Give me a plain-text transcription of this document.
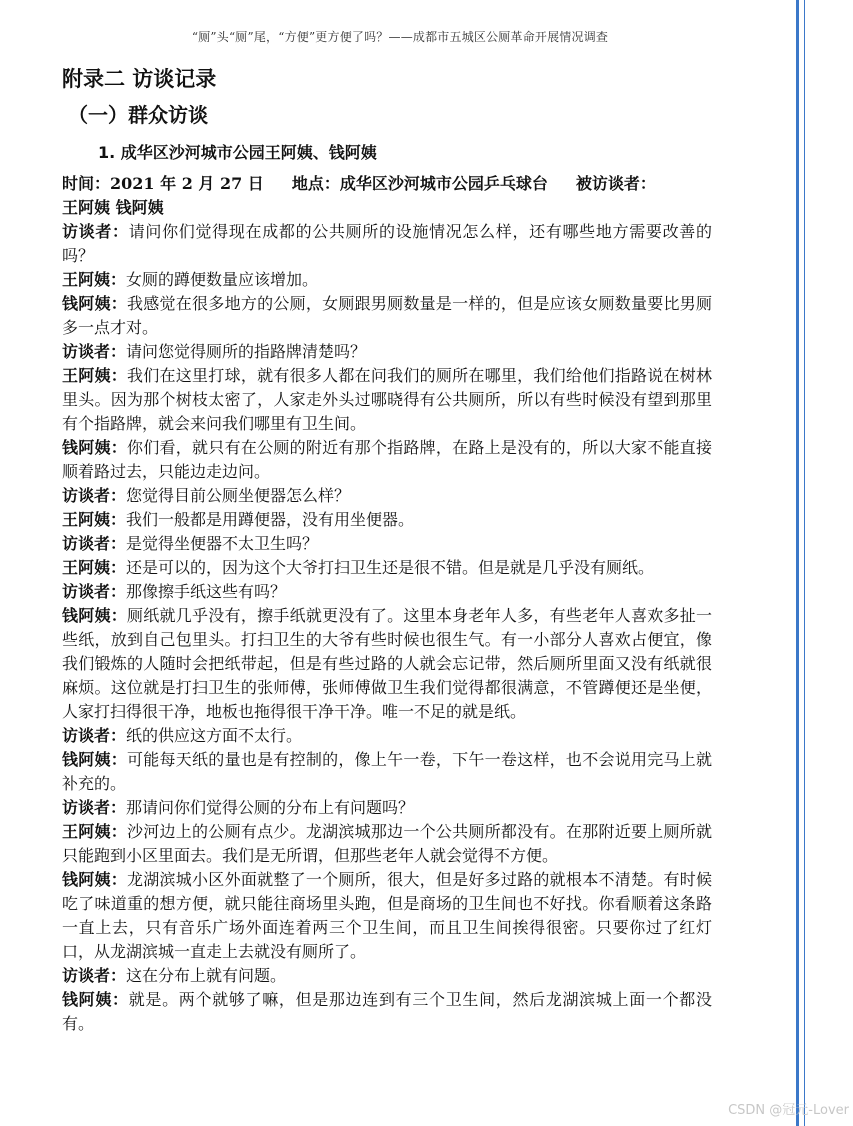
“厕”头“厕”尾，“方便”更方便了吗？——成都市五城区公厕革命开展情况调查
附录二 访谈记录
（一）群众访谈
1. 成华区沙河城市公园王阿姨、钱阿姨
时间：2021 年 2 月 27 日 地点：成华区沙河城市公园乒乓球台 被访谈者：
王阿姨 钱阿姨

访谈者：请问你们觉得现在成都的公共厕所的设施情况怎么样，还有哪些地方需要改善的吗？

王阿姨：女厕的蹲便数量应该增加。

钱阿姨：我感觉在很多地方的公厕，女厕跟男厕数量是一样的，但是应该女厕数量要比男厕多一点才对。

访谈者：请问您觉得厕所的指路牌清楚吗？

王阿姨：我们在这里打球，就有很多人都在问我们的厕所在哪里，我们给他们指路说在树林里头。因为那个树枝太密了，人家走外头过哪晓得有公共厕所，所以有些时候没有望到那里有个指路牌，就会来问我们哪里有卫生间。

钱阿姨：你们看，就只有在公厕的附近有那个指路牌，在路上是没有的，所以大家不能直接顺着路过去，只能边走边问。

访谈者：您觉得目前公厕坐便器怎么样？

王阿姨：我们一般都是用蹲便器，没有用坐便器。

访谈者：是觉得坐便器不太卫生吗？

王阿姨：还是可以的，因为这个大爷打扫卫生还是很不错。但是就是几乎没有厕纸。

访谈者：那像擦手纸这些有吗？

钱阿姨：厕纸就几乎没有，擦手纸就更没有了。这里本身老年人多，有些老年人喜欢多扯一些纸，放到自己包里头。打扫卫生的大爷有些时候也很生气。有一小部分人喜欢占便宜，像我们锻炼的人随时会把纸带起，但是有些过路的人就会忘记带，然后厕所里面又没有纸就很麻烦。这位就是打扫卫生的张师傅，张师傅做卫生我们觉得都很满意，不管蹲便还是坐便，人家打扫得很干净，地板也拖得很干净干净。唯一不足的就是纸。

访谈者：纸的供应这方面不太行。

钱阿姨：可能每天纸的量也是有控制的，像上午一卷，下午一卷这样，也不会说用完马上就补充的。

访谈者：那请问你们觉得公厕的分布上有问题吗？

王阿姨：沙河边上的公厕有点少。龙湖滨城那边一个公共厕所都没有。在那附近要上厕所就只能跑到小区里面去。我们是无所谓，但那些老年人就会觉得不方便。

钱阿姨：龙湖滨城小区外面就整了一个厕所，很大，但是好多过路的就根本不清楚。有时候吃了味道重的想方便，就只能往商场里头跑，但是商场的卫生间也不好找。你看顺着这条路一直上去，只有音乐广场外面连着两三个卫生间，而且卫生间挨得很密。只要你过了红灯口，从龙湖滨城一直走上去就没有厕所了。

访谈者：这在分布上就有问题。

钱阿姨：就是。两个就够了嘛，但是那边连到有三个卫生间，然后龙湖滨城上面一个都没有。

CSDN @冠元-Lover
